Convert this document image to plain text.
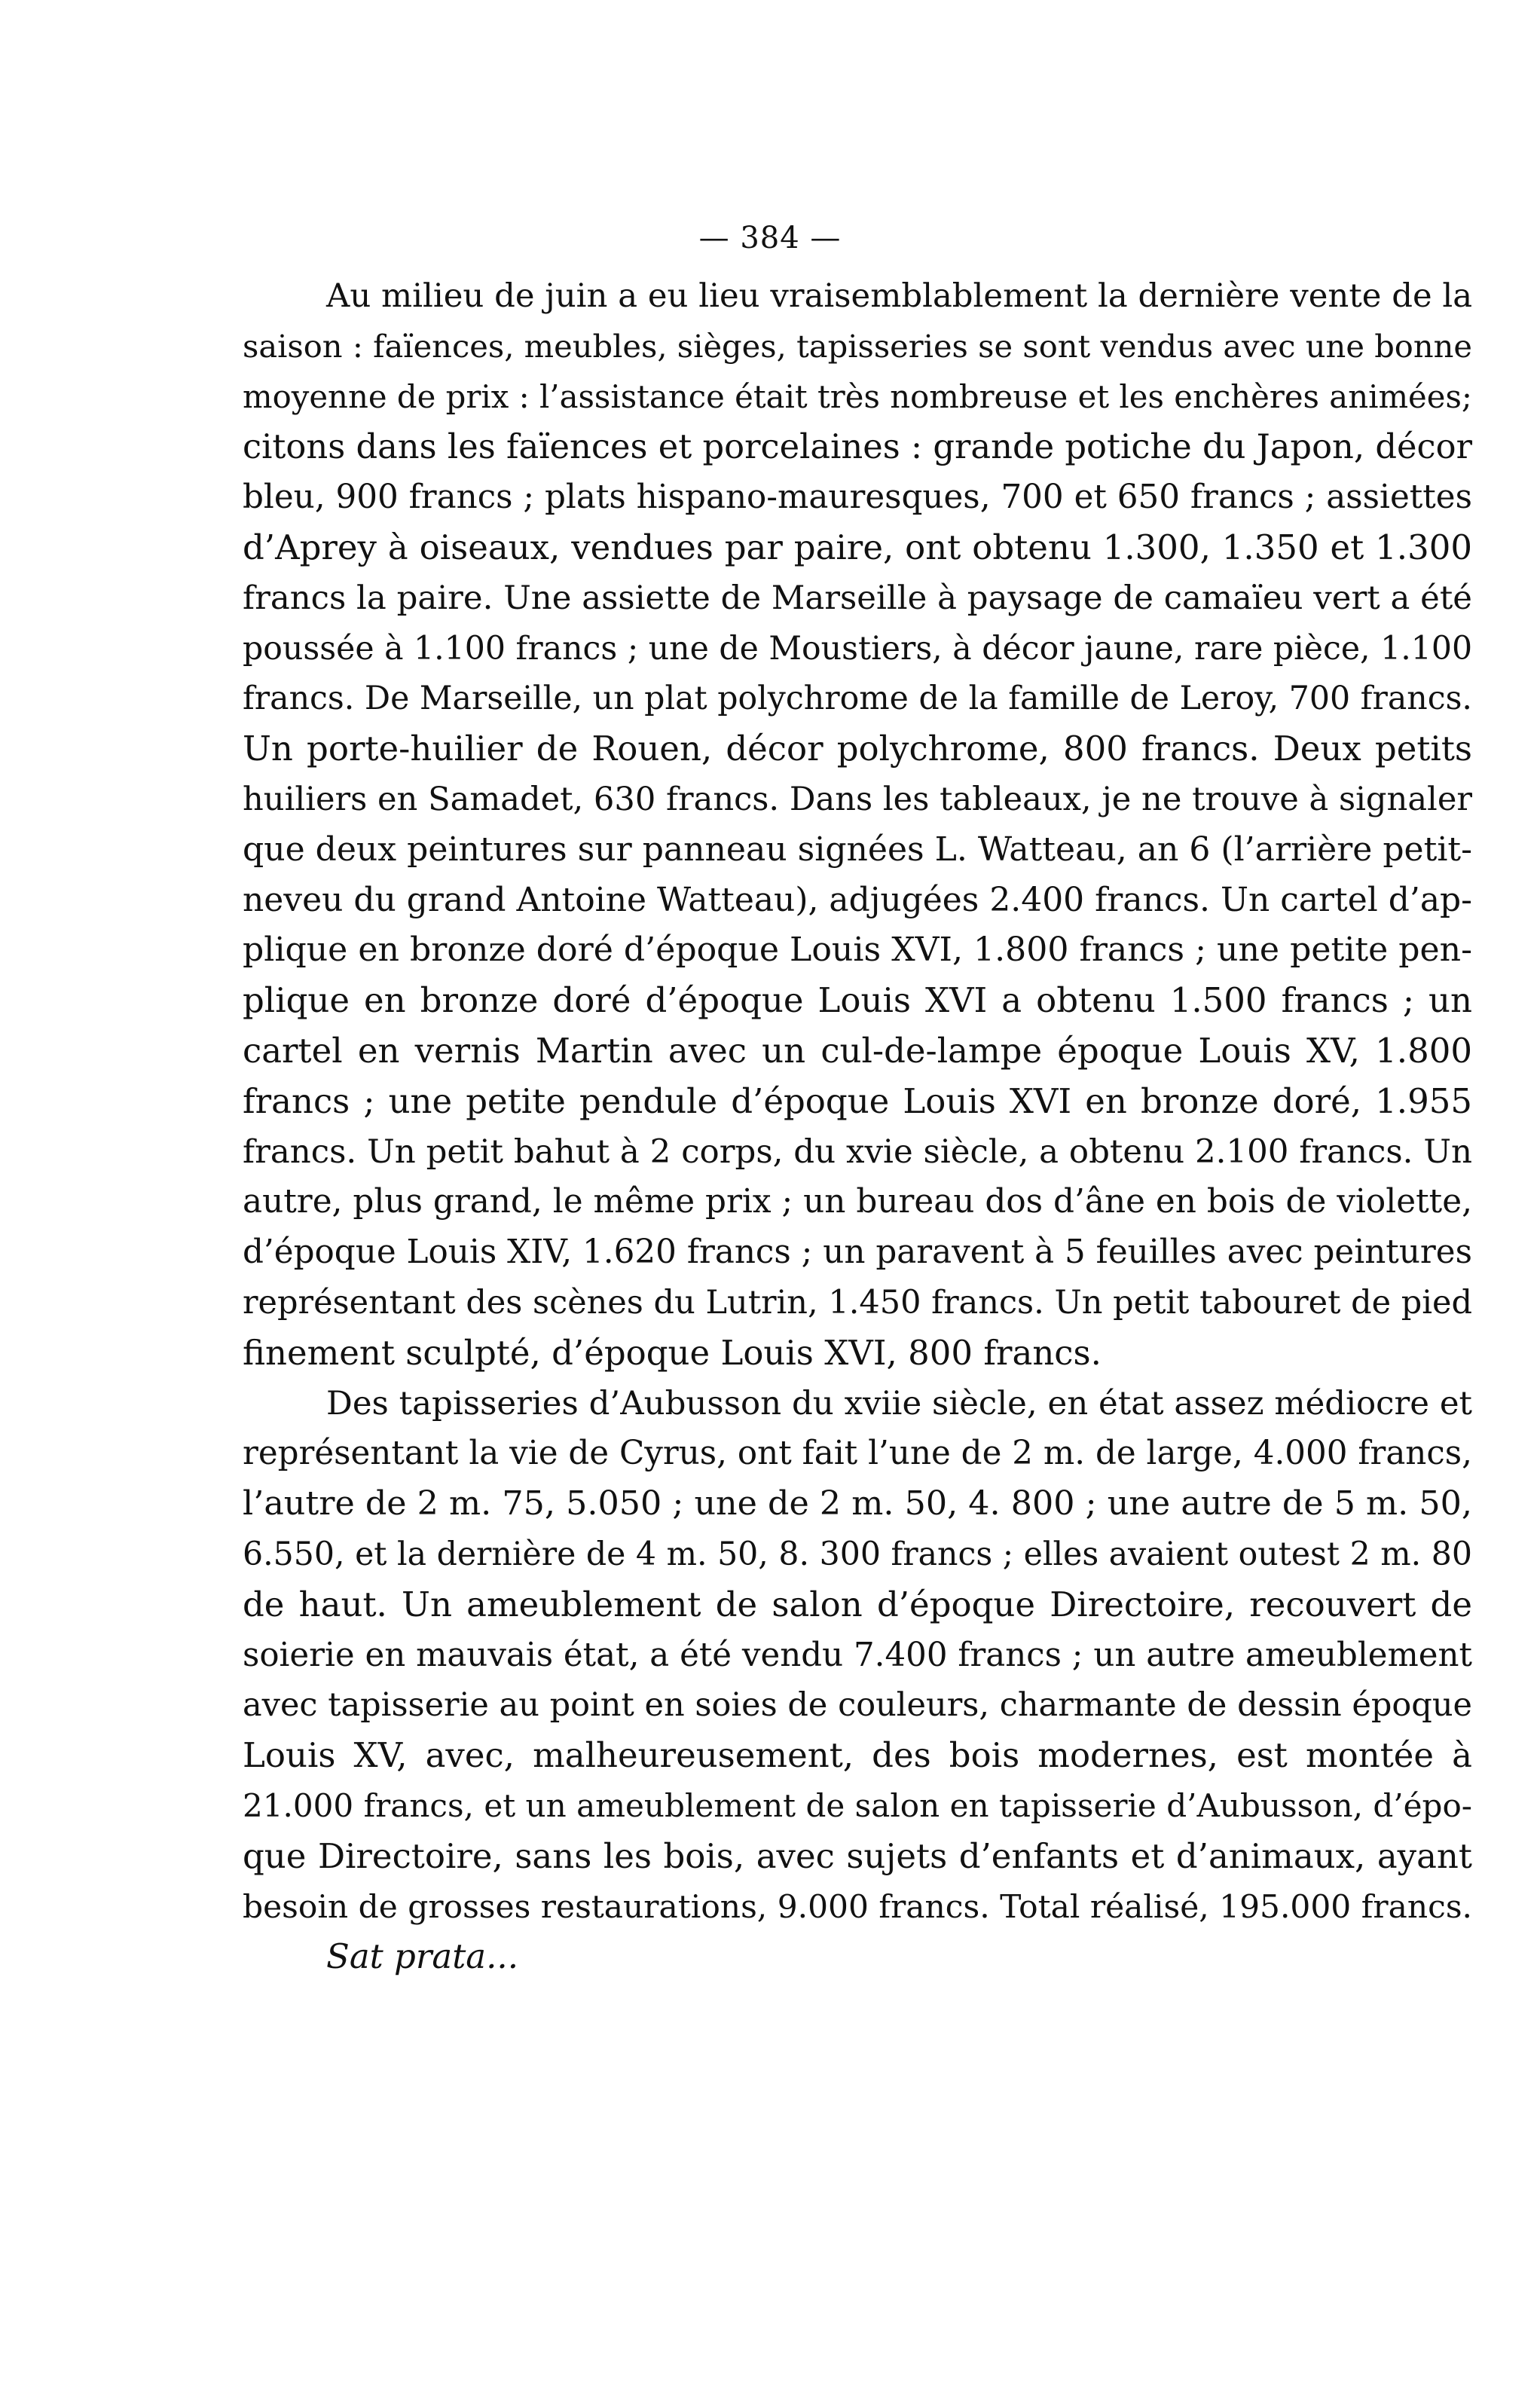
— 384 —
Au milieu de juin a eu lieu vraisemblablement la dernière vente de la
saison : faïences, meubles, sièges, tapisseries se sont vendus avec une bonne
moyenne de prix : l’assistance était très nombreuse et les enchères animées;
citons dans les faïences et porcelaines : grande potiche du Japon, décor
bleu, 900 francs ; plats hispano-mauresques, 700 et 650 francs ; assiettes
d’Aprey à oiseaux, vendues par paire, ont obtenu 1.300, 1.350 et 1.300
francs la paire. Une assiette de Marseille à paysage de camaïeu vert a été
poussée à 1.100 francs ; une de Moustiers, à décor jaune, rare pièce, 1.100
francs. De Marseille, un plat polychrome de la famille de Leroy, 700 francs.
Un porte-huilier de Rouen, décor polychrome, 800 francs. Deux petits
huiliers en Samadet, 630 francs. Dans les tableaux, je ne trouve à signaler
que deux peintures sur panneau signées L. Watteau, an 6 (l’arrière petit-
neveu du grand Antoine Watteau), adjugées 2.400 francs. Un cartel d’ap-
plique en bronze doré d’époque Louis XVI, 1.800 francs ; une petite pen-
plique en bronze doré d’époque Louis XVI a obtenu 1.500 francs ; un
cartel en vernis Martin avec un cul-de-lampe époque Louis XV, 1.800
francs ; une petite pendule d’époque Louis XVI en bronze doré, 1.955
francs. Un petit bahut à 2 corps, du xvie siècle, a obtenu 2.100 francs. Un
autre, plus grand, le même prix ; un bureau dos d’âne en bois de violette,
d’époque Louis XIV, 1.620 francs ; un paravent à 5 feuilles avec peintures
représentant des scènes du Lutrin, 1.450 francs. Un petit tabouret de pied
finement sculpté, d’époque Louis XVI, 800 francs.
Des tapisseries d’Aubusson du xviie siècle, en état assez médiocre et
représentant la vie de Cyrus, ont fait l’une de 2 m. de large, 4.000 francs,
l’autre de 2 m. 75, 5.050 ; une de 2 m. 50, 4. 800 ; une autre de 5 m. 50,
6.550, et la dernière de 4 m. 50, 8. 300 francs ; elles avaient outest 2 m. 80
de haut. Un ameublement de salon d’époque Directoire, recouvert de
soierie en mauvais état, a été vendu 7.400 francs ; un autre ameublement
avec tapisserie au point en soies de couleurs, charmante de dessin époque
Louis XV, avec, malheureusement, des bois modernes, est montée à
21.000 francs, et un ameublement de salon en tapisserie d’Aubusson, d’épo-
que Directoire, sans les bois, avec sujets d’enfants et d’animaux, ayant
besoin de grosses restaurations, 9.000 francs. Total réalisé, 195.000 francs.
Sat prata...
